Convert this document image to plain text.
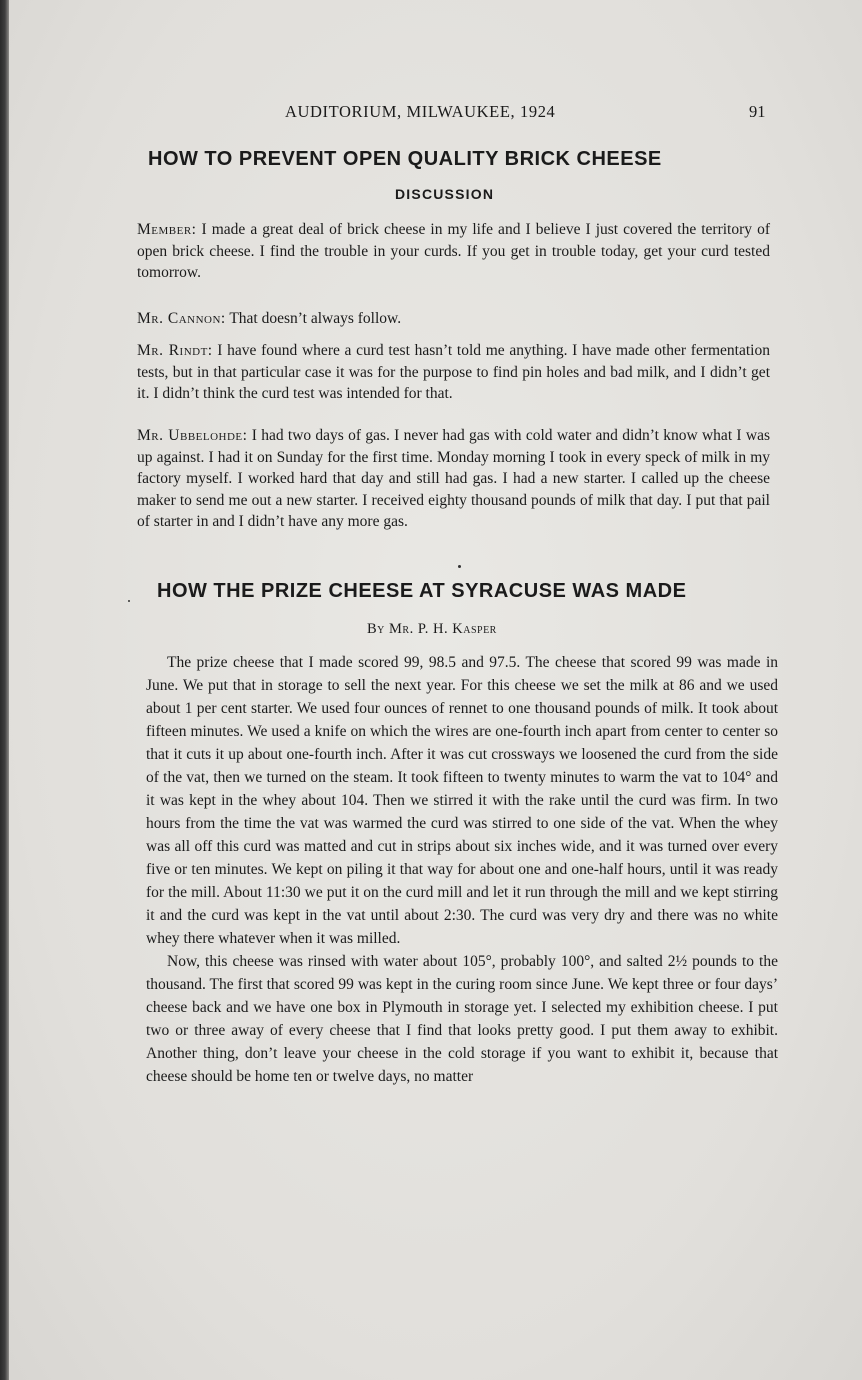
AUDITORIUM, MILWAUKEE, 1924	91
HOW TO PREVENT OPEN QUALITY BRICK CHEESE
DISCUSSION

Member: I made a great deal of brick cheese in my life and I believe I just covered the territory of open brick cheese. I find the trouble in your curds. If you get in trouble today, get your curd tested tomorrow.

Mr. Cannon: That doesn’t always follow.

Mr. Rindt: I have found where a curd test hasn’t told me anything. I have made other fermentation tests, but in that particular case it was for the purpose to find pin holes and bad milk, and I didn’t get it. I didn’t think the curd test was intended for that.

Mr. Ubbelohde: I had two days of gas. I never had gas with cold water and didn’t know what I was up against. I had it on Sunday for the first time. Monday morning I took in every speck of milk in my factory myself. I worked hard that day and still had gas. I had a new starter. I called up the cheese maker to send me out a new starter. I received eighty thousand pounds of milk that day. I put that pail of starter in and I didn’t have any more gas.

HOW THE PRIZE CHEESE AT SYRACUSE WAS MADE
By Mr. P. H. Kasper

The prize cheese that I made scored 99, 98.5 and 97.5. The cheese that scored 99 was made in June. We put that in storage to sell the next year. For this cheese we set the milk at 86 and we used about 1 per cent starter. We used four ounces of rennet to one thousand pounds of milk. It took about fifteen minutes. We used a knife on which the wires are one-fourth inch apart from center to center so that it cuts it up about one-fourth inch. After it was cut crossways we loosened the curd from the side of the vat, then we turned on the steam. It took fifteen to twenty minutes to warm the vat to 104° and it was kept in the whey about 104. Then we stirred it with the rake until the curd was firm. In two hours from the time the vat was warmed the curd was stirred to one side of the vat. When the whey was all off this curd was matted and cut in strips about six inches wide, and it was turned over every five or ten minutes. We kept on piling it that way for about one and one-half hours, until it was ready for the mill. About 11:30 we put it on the curd mill and let it run through the mill and we kept stirring it and the curd was kept in the vat until about 2:30. The curd was very dry and there was no white whey there whatever when it was milled.

Now, this cheese was rinsed with water about 105°, probably 100°, and salted 2½ pounds to the thousand. The first that scored 99 was kept in the curing room since June. We kept three or four days’ cheese back and we have one box in Plymouth in storage yet. I selected my exhibition cheese. I put two or three away of every cheese that I find that looks pretty good. I put them away to exhibit. Another thing, don’t leave your cheese in the cold storage if you want to exhibit it, because that cheese should be home ten or twelve days, no matter
